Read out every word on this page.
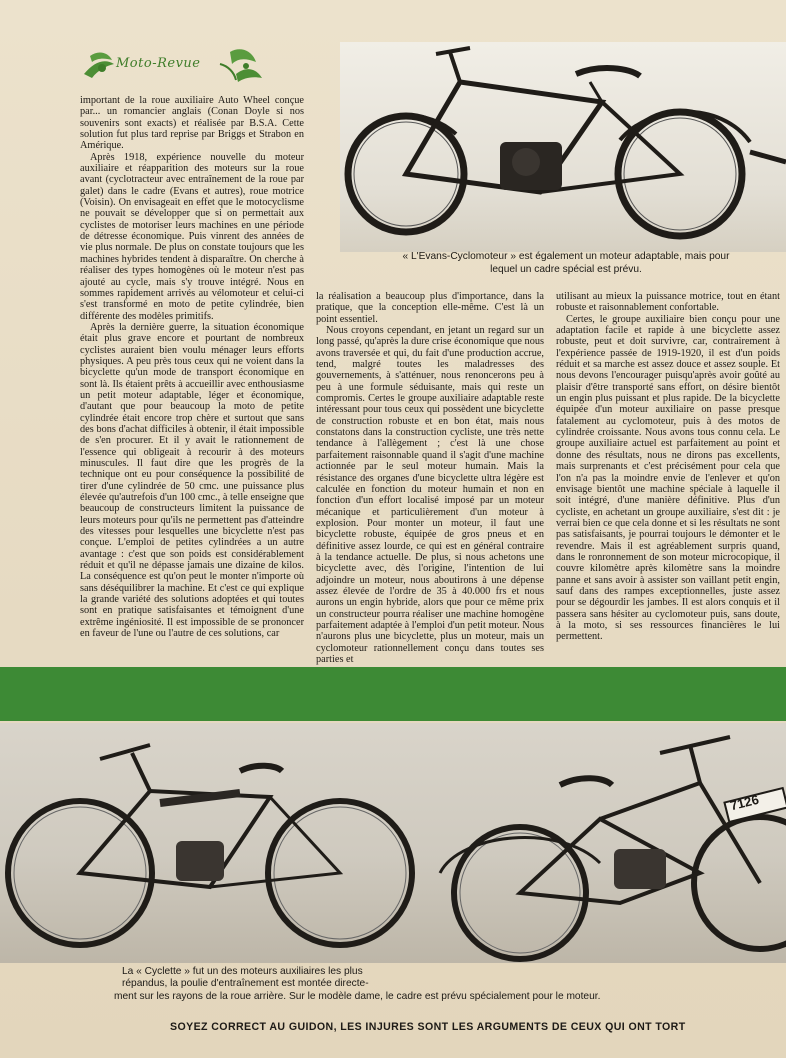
Moto-Revue
« L'Evans-Cyclomoteur » est également un moteur adaptable, mais pour
lequel un cadre spécial est prévu.

important de la roue auxiliaire Auto Wheel conçue par... un romancier anglais (Conan Doyle si nos souvenirs sont exacts) et réalisée par B.S.A. Cette solution fut plus tard reprise par Briggs et Strabon en Amérique.

Après 1918, expérience nouvelle du moteur auxiliaire et réapparition des moteurs sur la roue avant (cyclotracteur avec entraînement de la roue par galet) dans le cadre (Evans et autres), roue motrice (Voisin). On envisageait en effet que le motocyclisme ne pouvait se développer que si on permettait aux cyclistes de motoriser leurs machines en une période de détresse économique. Puis vinrent des années de vie plus normale. De plus on constate toujours que les machines hybrides tendent à disparaître. On cherche à réaliser des types homogènes où le moteur n'est pas ajouté au cycle, mais s'y trouve intégré. Nous en sommes rapidement arrivés au vélomoteur et celui-ci s'est transformé en moto de petite cylindrée, bien différente des modèles primitifs.

Après la dernière guerre, la situation économique était plus grave encore et pourtant de nombreux cyclistes auraient bien voulu ménager leurs efforts physiques. A peu près tous ceux qui ne voient dans la bicyclette qu'un mode de transport économique en sont là. Ils étaient prêts à accueillir avec enthousiasme un petit moteur adaptable, léger et économique, d'autant que pour beaucoup la moto de petite cylindrée était encore trop chère et surtout que sans des bons d'achat difficiles à obtenir, il était impossible de s'en procurer. Et il y avait le rationnement de l'essence qui obligeait à recourir à des moteurs minuscules. Il faut dire que les progrès de la technique ont eu pour conséquence la possibilité de tirer d'une cylindrée de 50 cmc. une puissance plus élevée qu'autrefois d'un 100 cmc., à telle enseigne que beaucoup de constructeurs limitent la puissance de leurs moteurs pour qu'ils ne permettent pas d'atteindre des vitesses pour lesquelles une bicyclette n'est pas conçue. L'emploi de petites cylindrées a un autre avantage : c'est que son poids est considérablement réduit et qu'il ne dépasse jamais une dizaine de kilos. La conséquence est qu'on peut le monter n'importe où sans déséquilibrer la machine. Et c'est ce qui explique la grande variété des solutions adoptées et qui toutes sont en pratique satisfaisantes et témoignent d'une extrême ingéniosité. Il est impossible de se prononcer en faveur de l'une ou l'autre de ces solutions, car

la réalisation a beaucoup plus d'importance, dans la pratique, que la conception elle-même. C'est là un point essentiel.

Nous croyons cependant, en jetant un regard sur un long passé, qu'après la dure crise économique que nous avons traversée et qui, du fait d'une production accrue, tend, malgré toutes les maladresses des gouvernements, à s'atténuer, nous renoncerons peu à peu à une formule séduisante, mais qui reste un compromis. Certes le groupe auxiliaire adaptable reste intéressant pour tous ceux qui possèdent une bicyclette de construction robuste et en bon état, mais nous constatons dans la construction cycliste, une très nette tendance à l'allègement ; c'est là une chose parfaitement raisonnable quand il s'agit d'une machine actionnée par le seul moteur humain. Mais la résistance des organes d'une bicyclette ultra légère est calculée en fonction du moteur humain et non en fonction d'un effort localisé imposé par un moteur mécanique et particulièrement d'un moteur à explosion. Pour monter un moteur, il faut une bicyclette robuste, équipée de gros pneus et en définitive assez lourde, ce qui est en général contraire à la tendance actuelle. De plus, si nous achetons une bicyclette avec, dès l'origine, l'intention de lui adjoindre un moteur, nous aboutirons à une dépense assez élevée de l'ordre de 35 à 40.000 frs et nous aurons un engin hybride, alors que pour ce même prix un constructeur pourra réaliser une machine homogène parfaitement adaptée à l'emploi d'un petit moteur. Nous n'aurons plus une bicyclette, plus un moteur, mais un cyclomoteur rationnellement conçu dans toutes ses parties et

utilisant au mieux la puissance motrice, tout en étant robuste et raisonnablement confortable.

Certes, le groupe auxiliaire bien conçu pour une adaptation facile et rapide à une bicyclette assez robuste, peut et doit survivre, car, contrairement à l'expérience passée de 1919-1920, il est d'un poids réduit et sa marche est assez douce et assez souple. Et nous devons l'encourager puisqu'après avoir goûté au plaisir d'être transporté sans effort, on désire bientôt un engin plus puissant et plus rapide. De la bicyclette équipée d'un moteur auxiliaire on passe presque fatalement au cyclomoteur, puis à des motos de cylindrée croissante. Nous avons tous connu cela. Le groupe auxiliaire actuel est parfaitement au point et donne des résultats, nous ne dirons pas excellents, mais surprenants et c'est précisément pour cela que l'on n'a pas la moindre envie de l'enlever et qu'on envisage bientôt une machine spéciale à laquelle il soit intégré, d'une manière définitive. Plus d'un cycliste, en achetant un groupe auxiliaire, s'est dit : je verrai bien ce que cela donne et si les résultats ne sont pas satisfaisants, je pourrai toujours le démonter et le revendre. Mais il est agréablement surpris quand, dans le ronronnement de son moteur microcopique, il couvre kilomètre après kilomètre sans la moindre panne et sans avoir à assister son vaillant petit engin, sauf dans des rampes exceptionnelles, juste assez pour se dégourdir les jambes. Il est alors conquis et il passera sans hésiter au cyclomoteur puis, sans doute, à la moto, si ses ressources financières le lui permettent.

7126
La « Cyclette » fut un des moteurs auxiliaires les plus
répandus, la poulie d'entraînement est montée directe-
ment sur les rayons de la roue arrière. Sur le modèle dame, le cadre est prévu spécialement pour le moteur.
SOYEZ CORRECT AU GUIDON, LES INJURES SONT LES ARGUMENTS DE CEUX QUI ONT TORT
